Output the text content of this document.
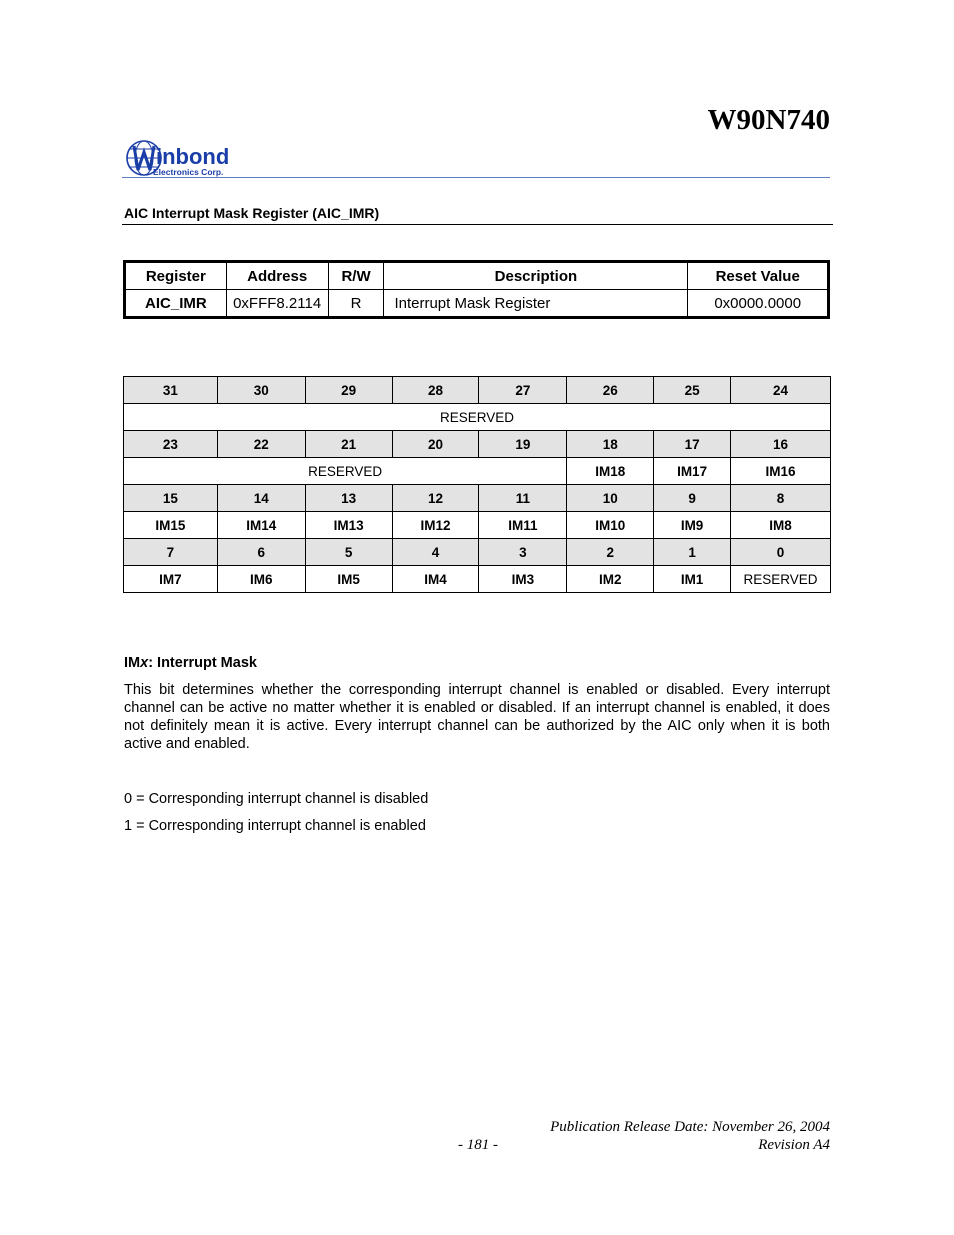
W90N740
inbond
Electronics Corp.
AIC Interrupt Mask Register (AIC_IMR)
Register	Address	R/W	Description	Reset Value
AIC_IMR	0xFFF8.2114	R	Interrupt Mask Register	0x0000.0000
31	30	29	28	27	26	25	24
RESERVED							
23	22	21	20	19	18	17	16
RESERVED					IM18	IM17	IM16
15	14	13	12	11	10	9	8
IM15	IM14	IM13	IM12	IM11	IM10	IM9	IM8
7	6	5	4	3	2	1	0
IM7	IM6	IM5	IM4	IM3	IM2	IM1	RESERVED
IMx: Interrupt Mask

This bit determines whether the corresponding interrupt channel is enabled or disabled. Every interrupt channel can be active no matter whether it is enabled or disabled. If an interrupt channel is enabled, it does not definitely mean it is active. Every interrupt channel can be authorized by the AIC only when it is both active and enabled.

0 = Corresponding interrupt channel is disabled
1 = Corresponding interrupt channel is enabled
Publication Release Date: November 26, 2004
- 181 -	Revision A4
